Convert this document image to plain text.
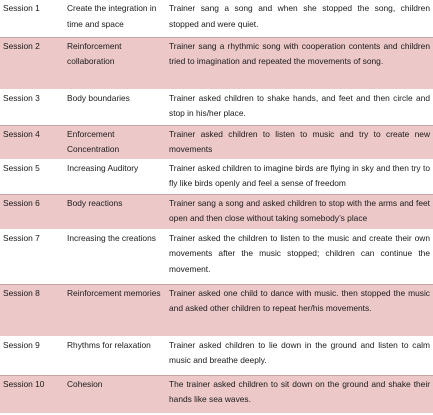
Session 1	Create the integration in time and space	Trainer sang a song and when she stopped the song, children stopped and were quiet.
Session 2	Reinforcement collaboration	Trainer sang a rhythmic song with cooperation contents and children tried to imagination and repeated the movements of song.
Session 3	Body boundaries	Trainer asked children to shake hands, and feet and then circle and stop in his/her place.
Session 4	Enforcement Concentration	Trainer asked children to listen to music and try to create new movements
Session 5	Increasing Auditory	Trainer asked children to imagine birds are flying in sky and then try to fly like birds openly and feel a sense of freedom
Session 6	Body reactions	Trainer sang a song and asked children to stop with the arms and feet open and then close without taking somebody’s place
Session 7	Increasing the creations	Trainer asked the children to listen to the music and create their own movements after the music stopped; children can continue the movement.
Session 8	Reinforcement memories	Trainer asked one child to dance with music. then stopped the music and asked other children to repeat her/his movements.
Session 9	Rhythms for relaxation	Trainer asked children to lie down in the ground and listen to calm music and breathe deeply.
Session 10	Cohesion	The trainer asked children to sit down on the ground and shake their hands like sea waves.
